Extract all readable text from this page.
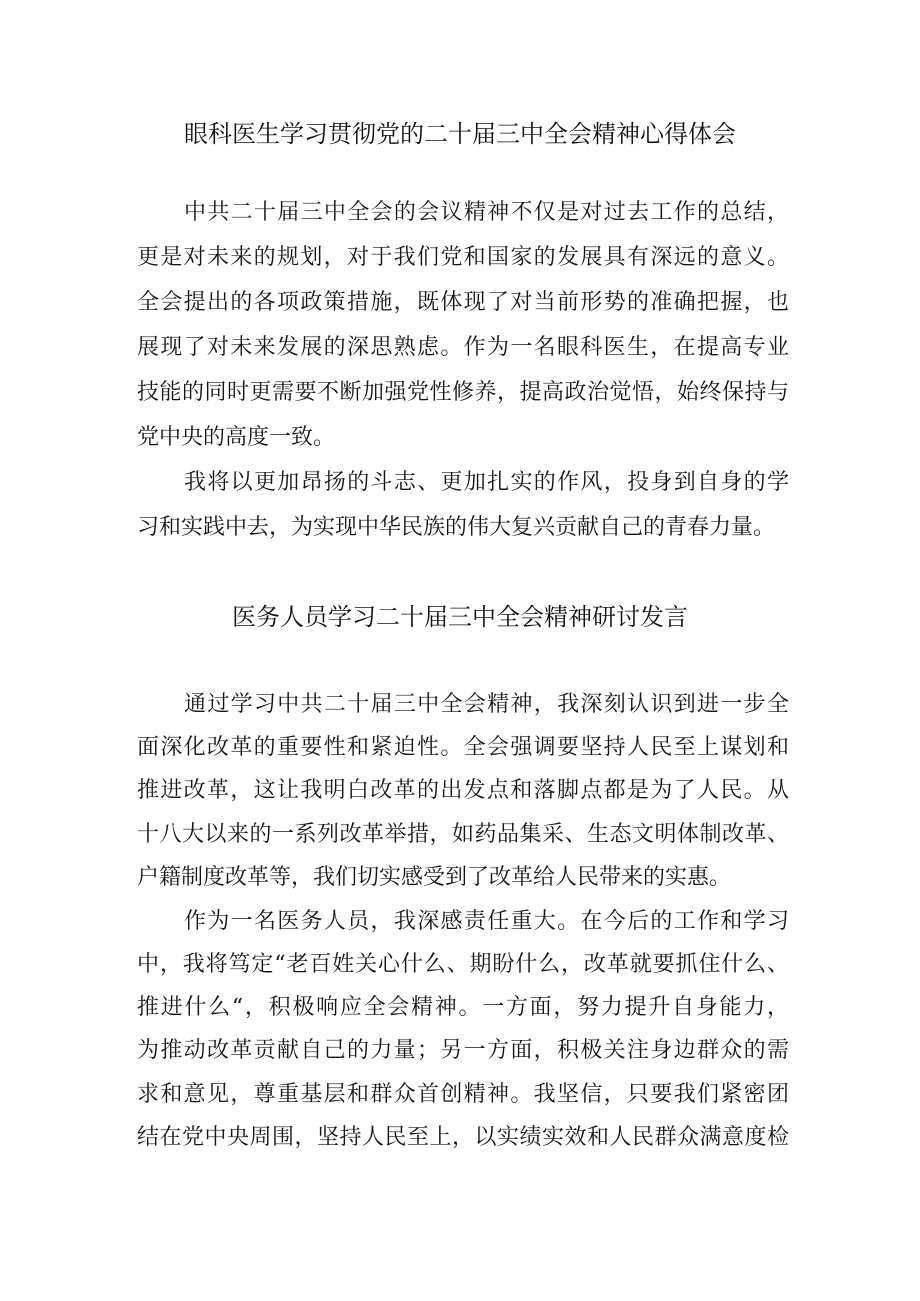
眼科医生学习贯彻党的二十届三中全会精神心得体会
中共二十届三中全会的会议精神不仅是对过去工作的总结，
更是对未来的规划，对于我们党和国家的发展具有深远的意义。
全会提出的各项政策措施，既体现了对当前形势的准确把握，也
展现了对未来发展的深思熟虑。作为一名眼科医生，在提高专业
技能的同时更需要不断加强党性修养，提高政治觉悟，始终保持与
党中央的高度一致。
我将以更加昂扬的斗志、更加扎实的作风，投身到自身的学
习和实践中去，为实现中华民族的伟大复兴贡献自己的青春力量。
医务人员学习二十届三中全会精神研讨发言
通过学习中共二十届三中全会精神，我深刻认识到进一步全
面深化改革的重要性和紧迫性。全会强调要坚持人民至上谋划和
推进改革，这让我明白改革的出发点和落脚点都是为了人民。从
十八大以来的一系列改革举措，如药品集采、生态文明体制改革、
户籍制度改革等，我们切实感受到了改革给人民带来的实惠。
作为一名医务人员，我深感责任重大。在今后的工作和学习
中，我将笃定“老百姓关心什么、期盼什么，改革就要抓住什么、
推进什么“，积极响应全会精神。一方面，努力提升自身能力，
为推动改革贡献自己的力量；另一方面，积极关注身边群众的需
求和意见，尊重基层和群众首创精神。我坚信，只要我们紧密团
结在党中央周围，坚持人民至上，以实绩实效和人民群众满意度检
